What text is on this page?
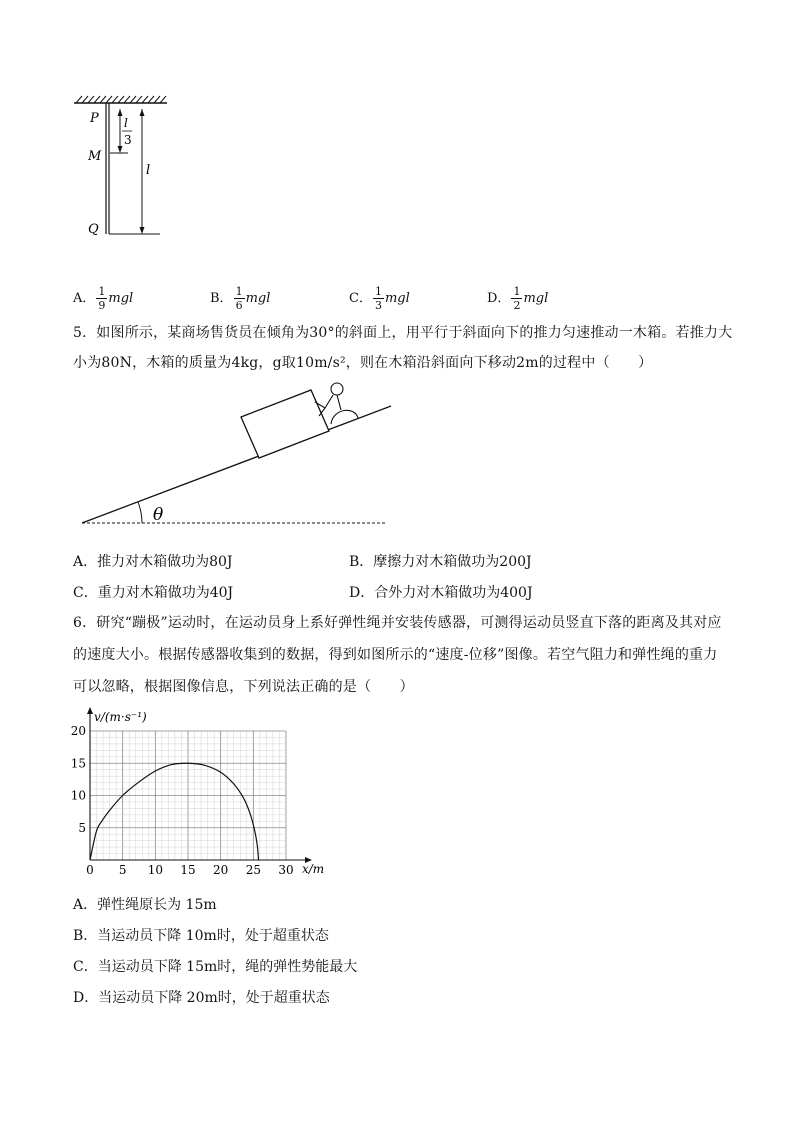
P
M
Q
l
l
3
A． $\frac{1}{9}$ mgl	B． $\frac{1}{6}$ mgl	C． $\frac{1}{3}$ mgl	D． $\frac{1}{2}$ mgl
5．如图所示，某商场售货员在倾角为30°的斜面上，用平行于斜面向下的推力匀速推动一木箱。若推力大
小为80N，木箱的质量为4kg，g取10m/s²，则在木箱沿斜面向下移动2m的过程中（　　）
θ
A．推力对木箱做功为80J	B．摩擦力对木箱做功为200J
C．重力对木箱做功为40J	D．合外力对木箱做功为400J
6．研究“蹦极”运动时，在运动员身上系好弹性绳并安装传感器，可测得运动员竖直下落的距离及其对应
的速度大小。根据传感器收集到的数据，得到如图所示的“速度-位移”图像。若空气阻力和弹性绳的重力
可以忽略，根据图像信息，下列说法正确的是（　　）
0 5 10 15 20 25 30
5
10
15
20
v/(m·s⁻¹)
x/m
A．弹性绳原长为 15m
B．当运动员下降 10m时，处于超重状态
C．当运动员下降 15m时，绳的弹性势能最大
D．当运动员下降 20m时，处于超重状态
